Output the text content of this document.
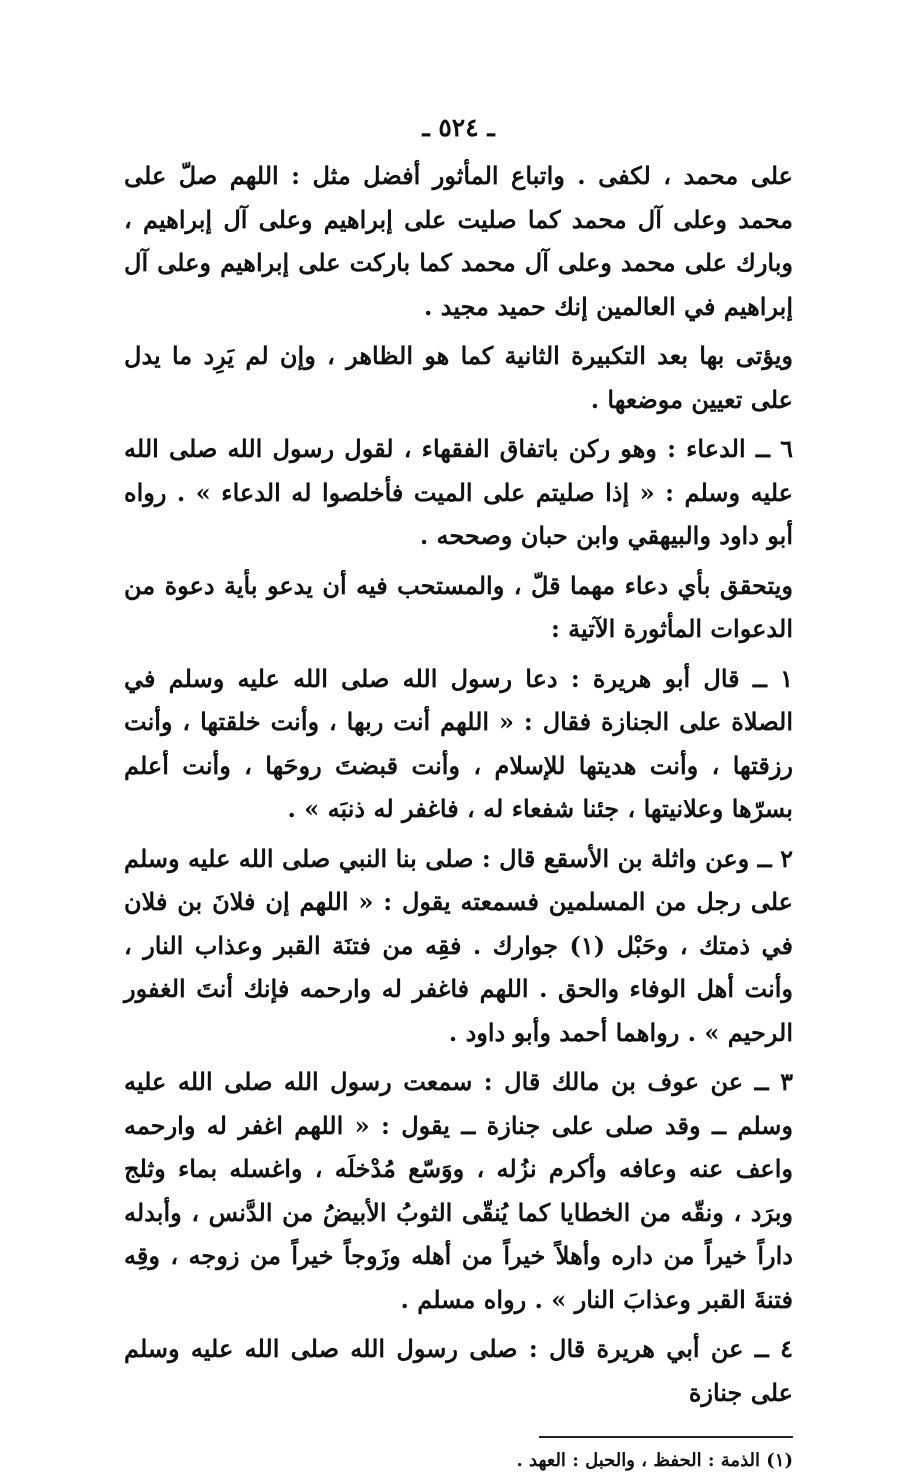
ـ ٥٢٤ ـ

على محمد ، لكفى . واتباع المأثور أفضل مثل : اللهم صلّ على محمد وعلى آل محمد كما صليت على إبراهيم وعلى آل إبراهيم ، وبارك على محمد وعلى آل محمد كما باركت على إبراهيم وعلى آل إبراهيم في العالمين إنك حميد مجيد .

ويؤتى بها بعد التكبيرة الثانية كما هو الظاهر ، وإن لم يَرِد ما يدل على تعيين موضعها .

٦ ــ الدعاء : وهو ركن باتفاق الفقهاء ، لقول رسول الله صلى الله عليه وسلم : « إذا صليتم على الميت فأخلصوا له الدعاء » . رواه أبو داود والبيهقي وابن حبان وصححه .

ويتحقق بأي دعاء مهما قلّ ، والمستحب فيه أن يدعو بأية دعوة من الدعوات المأثورة الآتية :

١ ــ قال أبو هريرة : دعا رسول الله صلى الله عليه وسلم في الصلاة على الجنازة فقال : « اللهم أنت ربها ، وأنت خلقتها ، وأنت رزقتها ، وأنت هديتها للإسلام ، وأنت قبضتَ روحَها ، وأنت أعلم بسرّها وعلانيتها ، جئنا شفعاء له ، فاغفر له ذنبَه » .

٢ ــ وعن واثلة بن الأسقع قال : صلى بنا النبي صلى الله عليه وسلم على رجل من المسلمين فسمعته يقول : « اللهم إن فلانَ بن فلان في ذمتك ، وحَبْل (١) جوارك . فقِه من فتنَة القبر وعذاب النار ، وأنت أهل الوفاء والحق . اللهم فاغفر له وارحمه فإنك أنتَ الغفور الرحيم » . رواهما أحمد وأبو داود .

٣ ــ عن عوف بن مالك قال : سمعت رسول الله صلى الله عليه وسلم ــ وقد صلى على جنازة ــ يقول : « اللهم اغفر له وارحمه واعف عنه وعافه وأكرم نزُله ، ووَسّع مُدْخلَه ، واغسله بماء وثلج وبرَد ، ونقّه من الخطايا كما يُنقّى الثوبُ الأبيضُ من الدَّنس ، وأبدله داراً خيراً من داره وأهلاً خيراً من أهله وزَوجاً خيراً من زوجه ، وقِه فتنةَ القبر وعذابَ النار » . رواه مسلم .

٤ ــ عن أبي هريرة قال : صلى رسول الله صلى الله عليه وسلم على جنازة

(١) الذمة : الحفظ ، والحبل : العهد .
